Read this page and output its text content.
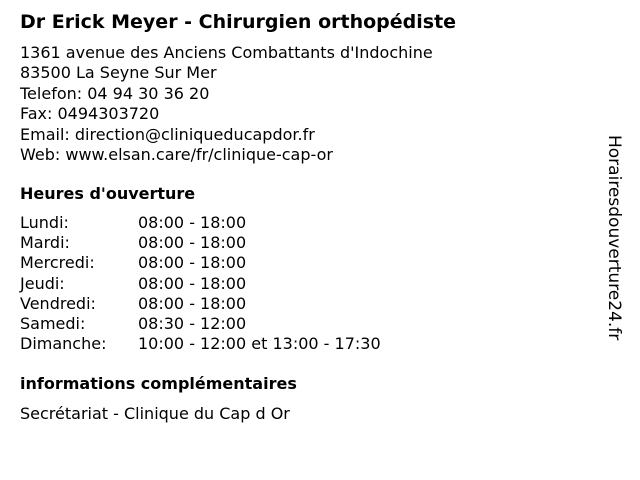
Dr Erick Meyer - Chirurgien orthopédiste
1361 avenue des Anciens Combattants d'Indochine
83500 La Seyne Sur Mer
Telefon: 04 94 30 36 20
Fax: 0494303720
Email: direction@cliniqueducapdor.fr
Web: www.elsan.care/fr/clinique-cap-or
Heures d'ouverture
Lundi:	08:00 - 18:00
Mardi:	08:00 - 18:00
Mercredi:	08:00 - 18:00
Jeudi:	08:00 - 18:00
Vendredi:	08:00 - 18:00
Samedi:	08:30 - 12:00
Dimanche: 10:00 - 12:00 et 13:00 - 17:30
informations complémentaires
Secrétariat - Clinique du Cap d Or
Horairesdouverture24.fr
